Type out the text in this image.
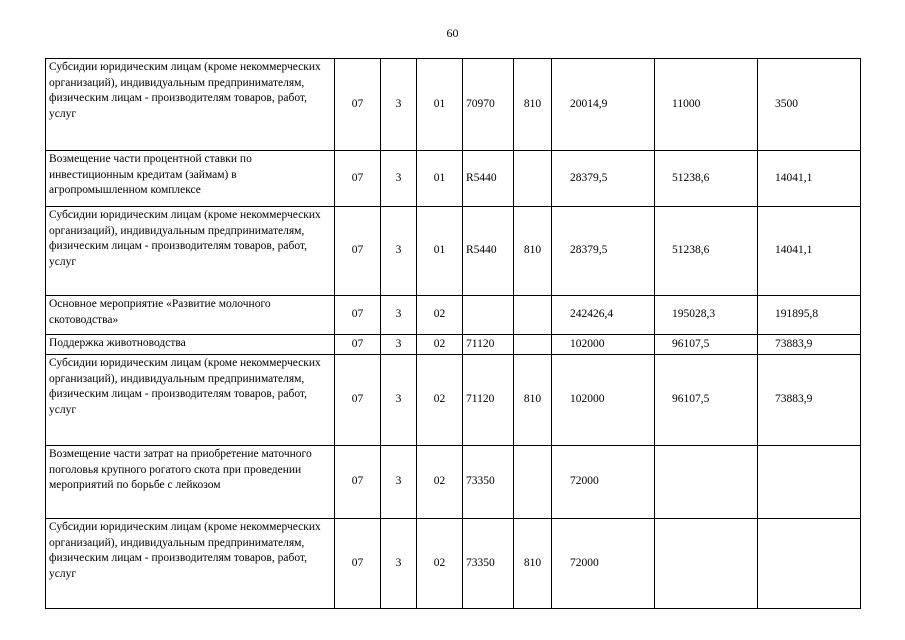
60
Субсидии юридическим лицам (кроме некоммерческих организаций), индивидуальным предпринимателям, физическим лицам - производителям товаров, работ, услуг	07	3	01	70970	810	20014,9	11000	3500
Возмещение части процентной ставки по инвестиционным кредитам (займам) в агропромышленном комплексе	07	3	01	R5440		28379,5	51238,6	14041,1
Субсидии юридическим лицам (кроме некоммерческих организаций), индивидуальным предпринимателям, физическим лицам - производителям товаров, работ, услуг	07	3	01	R5440	810	28379,5	51238,6	14041,1
Основное мероприятие «Развитие молочного скотоводства»	07	3	02			242426,4	195028,3	191895,8
Поддержка животноводства	07	3	02	71120		102000	96107,5	73883,9
Субсидии юридическим лицам (кроме некоммерческих организаций), индивидуальным предпринимателям, физическим лицам - производителям товаров, работ, услуг	07	3	02	71120	810	102000	96107,5	73883,9
Возмещение части затрат на приобретение маточного поголовья крупного рогатого скота при проведении мероприятий по борьбе с лейкозом	07	3	02	73350		72000		
Субсидии юридическим лицам (кроме некоммерческих организаций), индивидуальным предпринимателям, физическим лицам - производителям товаров, работ, услуг	07	3	02	73350	810	72000		
